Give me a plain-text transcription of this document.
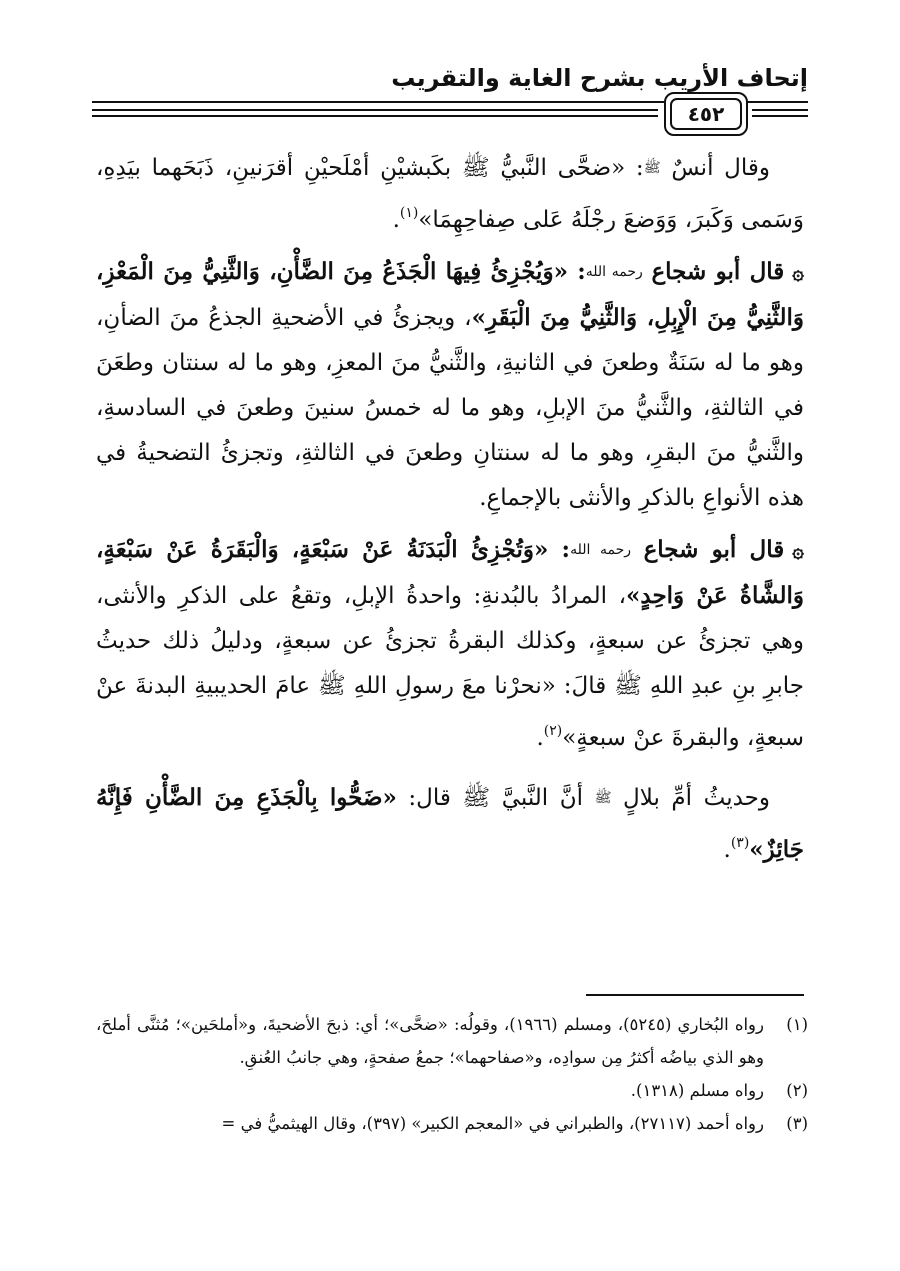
إتحاف الأريب بشرح الغاية والتقريب
٤٥٢

وقال أنسٌ ﷺ: «ضحَّى النَّبيُّ ﷺ بكَبشيْنِ أمْلَحيْنِ أقرَنينِ، ذَبَحَهما بيَدِهِ، وَسَمى وَكَبرَ، وَوَضعَ رجْلَهُ عَلى صِفاحِهِمَا»$^{(١)}$.

۞قال أبو شجاع رحمه الله: «وَيُجْزِئُ فِيهَا الْجَذَعُ مِنَ الضَّأْنِ، وَالثَّنِيُّ مِنَ الْمَعْزِ، وَالثَّنِيُّ مِنَ الْإِبِلِ، وَالثَّنِيُّ مِنَ الْبَقَرِ»، ويجزئُ في الأضحيةِ الجذعُ منَ الضأنِ، وهو ما له سَنَةٌ وطعنَ في الثانيةِ، والثَّنيُّ منَ المعزِ، وهو ما له سنتان وطعَنَ في الثالثةِ، والثَّنيُّ منَ الإبلِ، وهو ما له خمسُ سنينَ وطعنَ في السادسةِ، والثَّنيُّ منَ البقرِ، وهو ما له سنتانِ وطعنَ في الثالثةِ، وتجزئُ التضحيةُ في هذه الأنواعِ بالذكرِ والأنثى بالإجماعِ.

۞قال أبو شجاع رحمه الله: «وَتُجْزِئُ الْبَدَنَةُ عَنْ سَبْعَةٍ، وَالْبَقَرَةُ عَنْ سَبْعَةٍ، وَالشَّاةُ عَنْ وَاحِدٍ»، المرادُ بالبُدنةِ: واحدةُ الإبلِ، وتقعُ على الذكرِ والأنثى، وهي تجزئُ عن سبعةٍ، وكذلك البقرةُ تجزئُ عن سبعةٍ، ودليلُ ذلك حديثُ جابرِ بنِ عبدِ اللهِ ﷺ قالَ: «نحرْنا معَ رسولِ اللهِ ﷺ عامَ الحديبيةِ البدنةَ عنْ سبعةٍ، والبقرةَ عنْ سبعةٍ»$^{(٢)}$.

وحديثُ أمِّ بلالٍ ﷺ أنَّ النَّبيَّ ﷺ قال: «ضَحُّوا بِالْجَذَعِ مِنَ الضَّأْنِ فَإِنَّهُ جَائِزٌ»$^{(٣)}$.

(١)
رواه البُخاري (٥٢٤٥)، ومسلم (١٩٦٦)، وقولُه: «ضحَّى»؛ أي: ذبحَ الأضحيةَ، و«أملحَين»؛ مُثنَّى أملحَ، وهو الذي بياضُه أكثرُ مِن سوادِه، و«صفاحهما»؛ جمعُ صفحةٍ، وهي جانبُ العُنقِ.
(٢)
رواه مسلم (١٣١٨).
(٣)
رواه أحمد (٢٧١١٧)، والطبراني في «المعجم الكبير» (٣٩٧)، وقال الهيثميُّ في =
